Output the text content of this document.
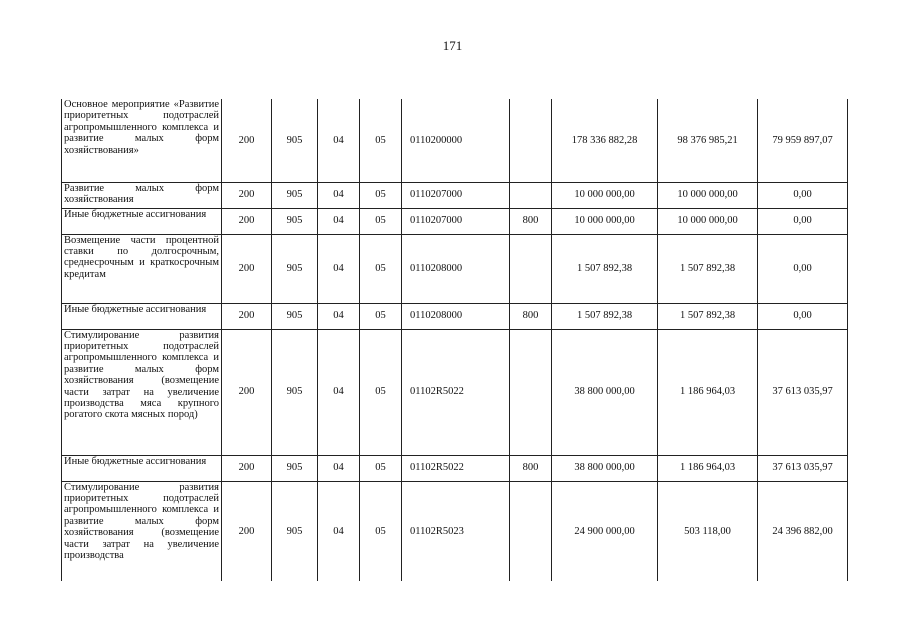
171
Основное мероприятие «Развитие приоритетных подотраслей агропромышленного комплекса и развитие малых форм хозяйствования»	200	905	04	05	0110200000		178 336 882,28	98 376 985,21	79 959 897,07
Развитие малых форм хозяйствования	200	905	04	05	0110207000		10 000 000,00	10 000 000,00	0,00
Иные бюджетные ассигнования	200	905	04	05	0110207000	800	10 000 000,00	10 000 000,00	0,00
Возмещение части процентной ставки по долгосрочным, среднесрочным и краткосрочным кредитам	200	905	04	05	0110208000		1 507 892,38	1 507 892,38	0,00
Иные бюджетные ассигнования	200	905	04	05	0110208000	800	1 507 892,38	1 507 892,38	0,00
Стимулирование развития приоритетных подотраслей агропромышленного комплекса и развитие малых форм хозяйствования (возмещение части затрат на увеличение производства мяса крупного рогатого скота мясных пород)	200	905	04	05	01102R5022		38 800 000,00	1 186 964,03	37 613 035,97
Иные бюджетные ассигнования	200	905	04	05	01102R5022	800	38 800 000,00	1 186 964,03	37 613 035,97
Стимулирование развития приоритетных подотраслей агропромышленного комплекса и развитие малых форм хозяйствования (возмещение части затрат на увеличение производства	200	905	04	05	01102R5023		24 900 000,00	503 118,00	24 396 882,00
